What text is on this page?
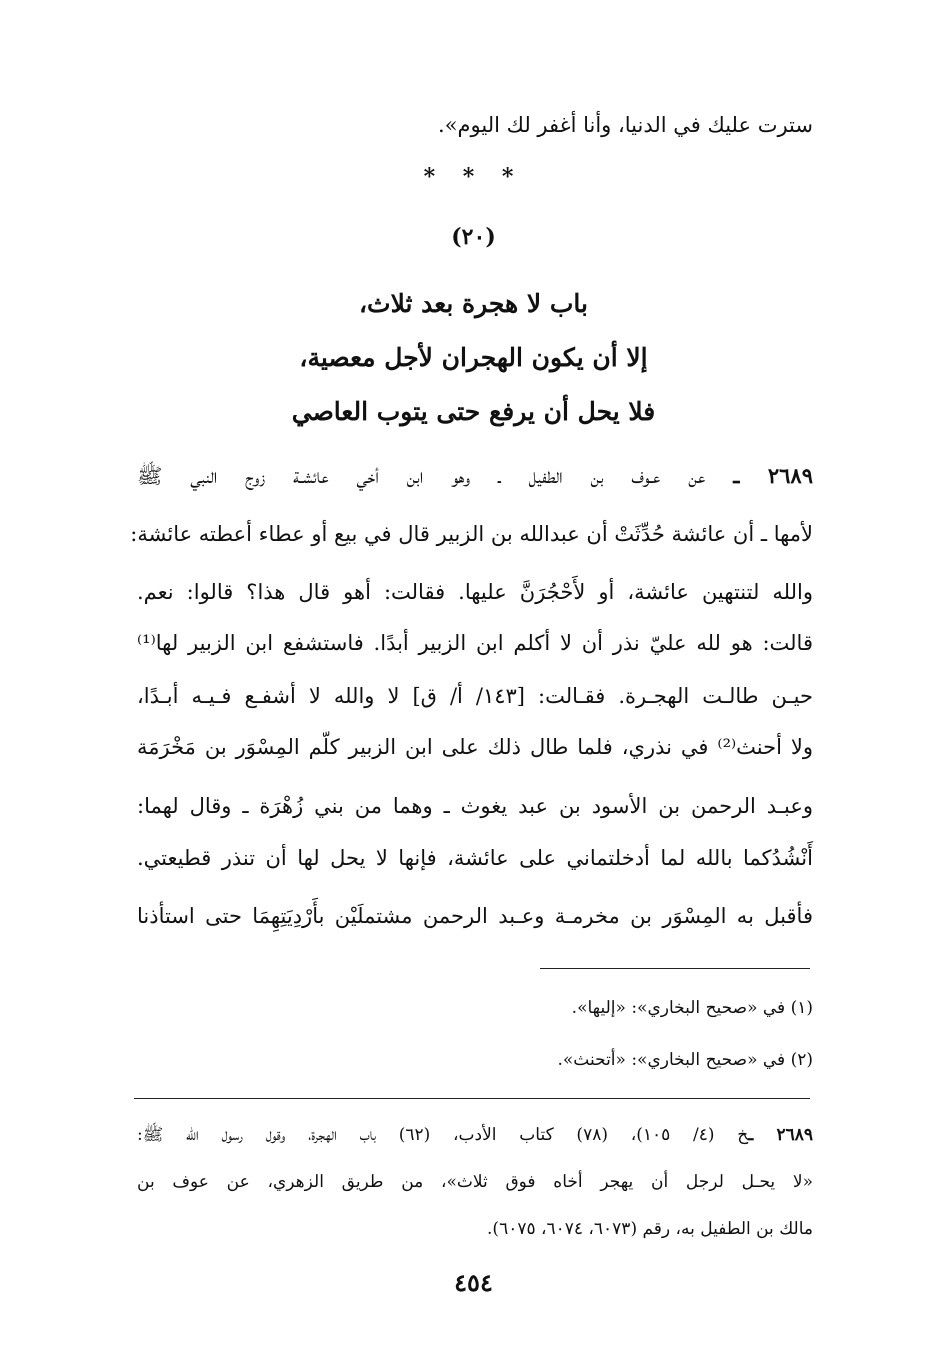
سترت عليك في الدنيا، وأنا أغفر لك اليوم».
* * *
(٢٠)
باب لا هجرة بعد ثلاث،
إلا أن يكون الهجران لأجل معصية،
فلا يحل أن يرفع حتى يتوب العاصي
٢٦٨٩ ـ عن عـوف بن الطفيل ـ وهو ابن أخي عائشـة زوج النبي ﷺ
لأمها ـ أن عائشة حُدِّثَتْ أن عبدالله بن الزبير قال في بيع أو عطاء أعطته عائشة:
والله لتنتهين عائشة، أو لأَحْجُرَنَّ عليها. فقالت: أهو قال هذا؟ قالوا: نعم.
قالت: هو لله عليّ نذر أن لا أكلم ابن الزبير أبدًا. فاستشفع ابن الزبير لها⁽¹⁾
حيـن طالـت الهجـرة. فقـالت: [١٤٣/ أ/ ق] لا والله لا أشفـع فـيـه أبـدًا،
ولا أحنث⁽²⁾ في نذري، فلما طال ذلك على ابن الزبير كلّم المِسْوَر بن مَخْرَمَة
وعبـد الرحمن بن الأسود بن عبد يغوث ـ وهما من بني زُهْرَة ـ وقال لهما:
أَنْشُدُكما بالله لما أدخلتماني على عائشة، فإنها لا يحل لها أن تنذر قطيعتي.
فأقبل به المِسْوَر بن مخرمـة وعـبد الرحمن مشتملَيْن بأَرْدِيَتِهِمَا حتى استأذنا
(١) في «صحيح البخاري»: «إليها».
(٢) في «صحيح البخاري»: «أتحنث».
٢٦٨٩ ـخ (٤/ ١٠٥)، (٧٨) كتاب الأدب، (٦٢) باب الهجرة، وقول رسول الله ﷺ:
«لا يحـل لرجل أن يهجر أخاه فوق ثلاث»، من طريق الزهري، عن عوف بن
مالك بن الطفيل به، رقم (٦٠٧٣، ٦٠٧٤، ٦٠٧٥).
٤٥٤
